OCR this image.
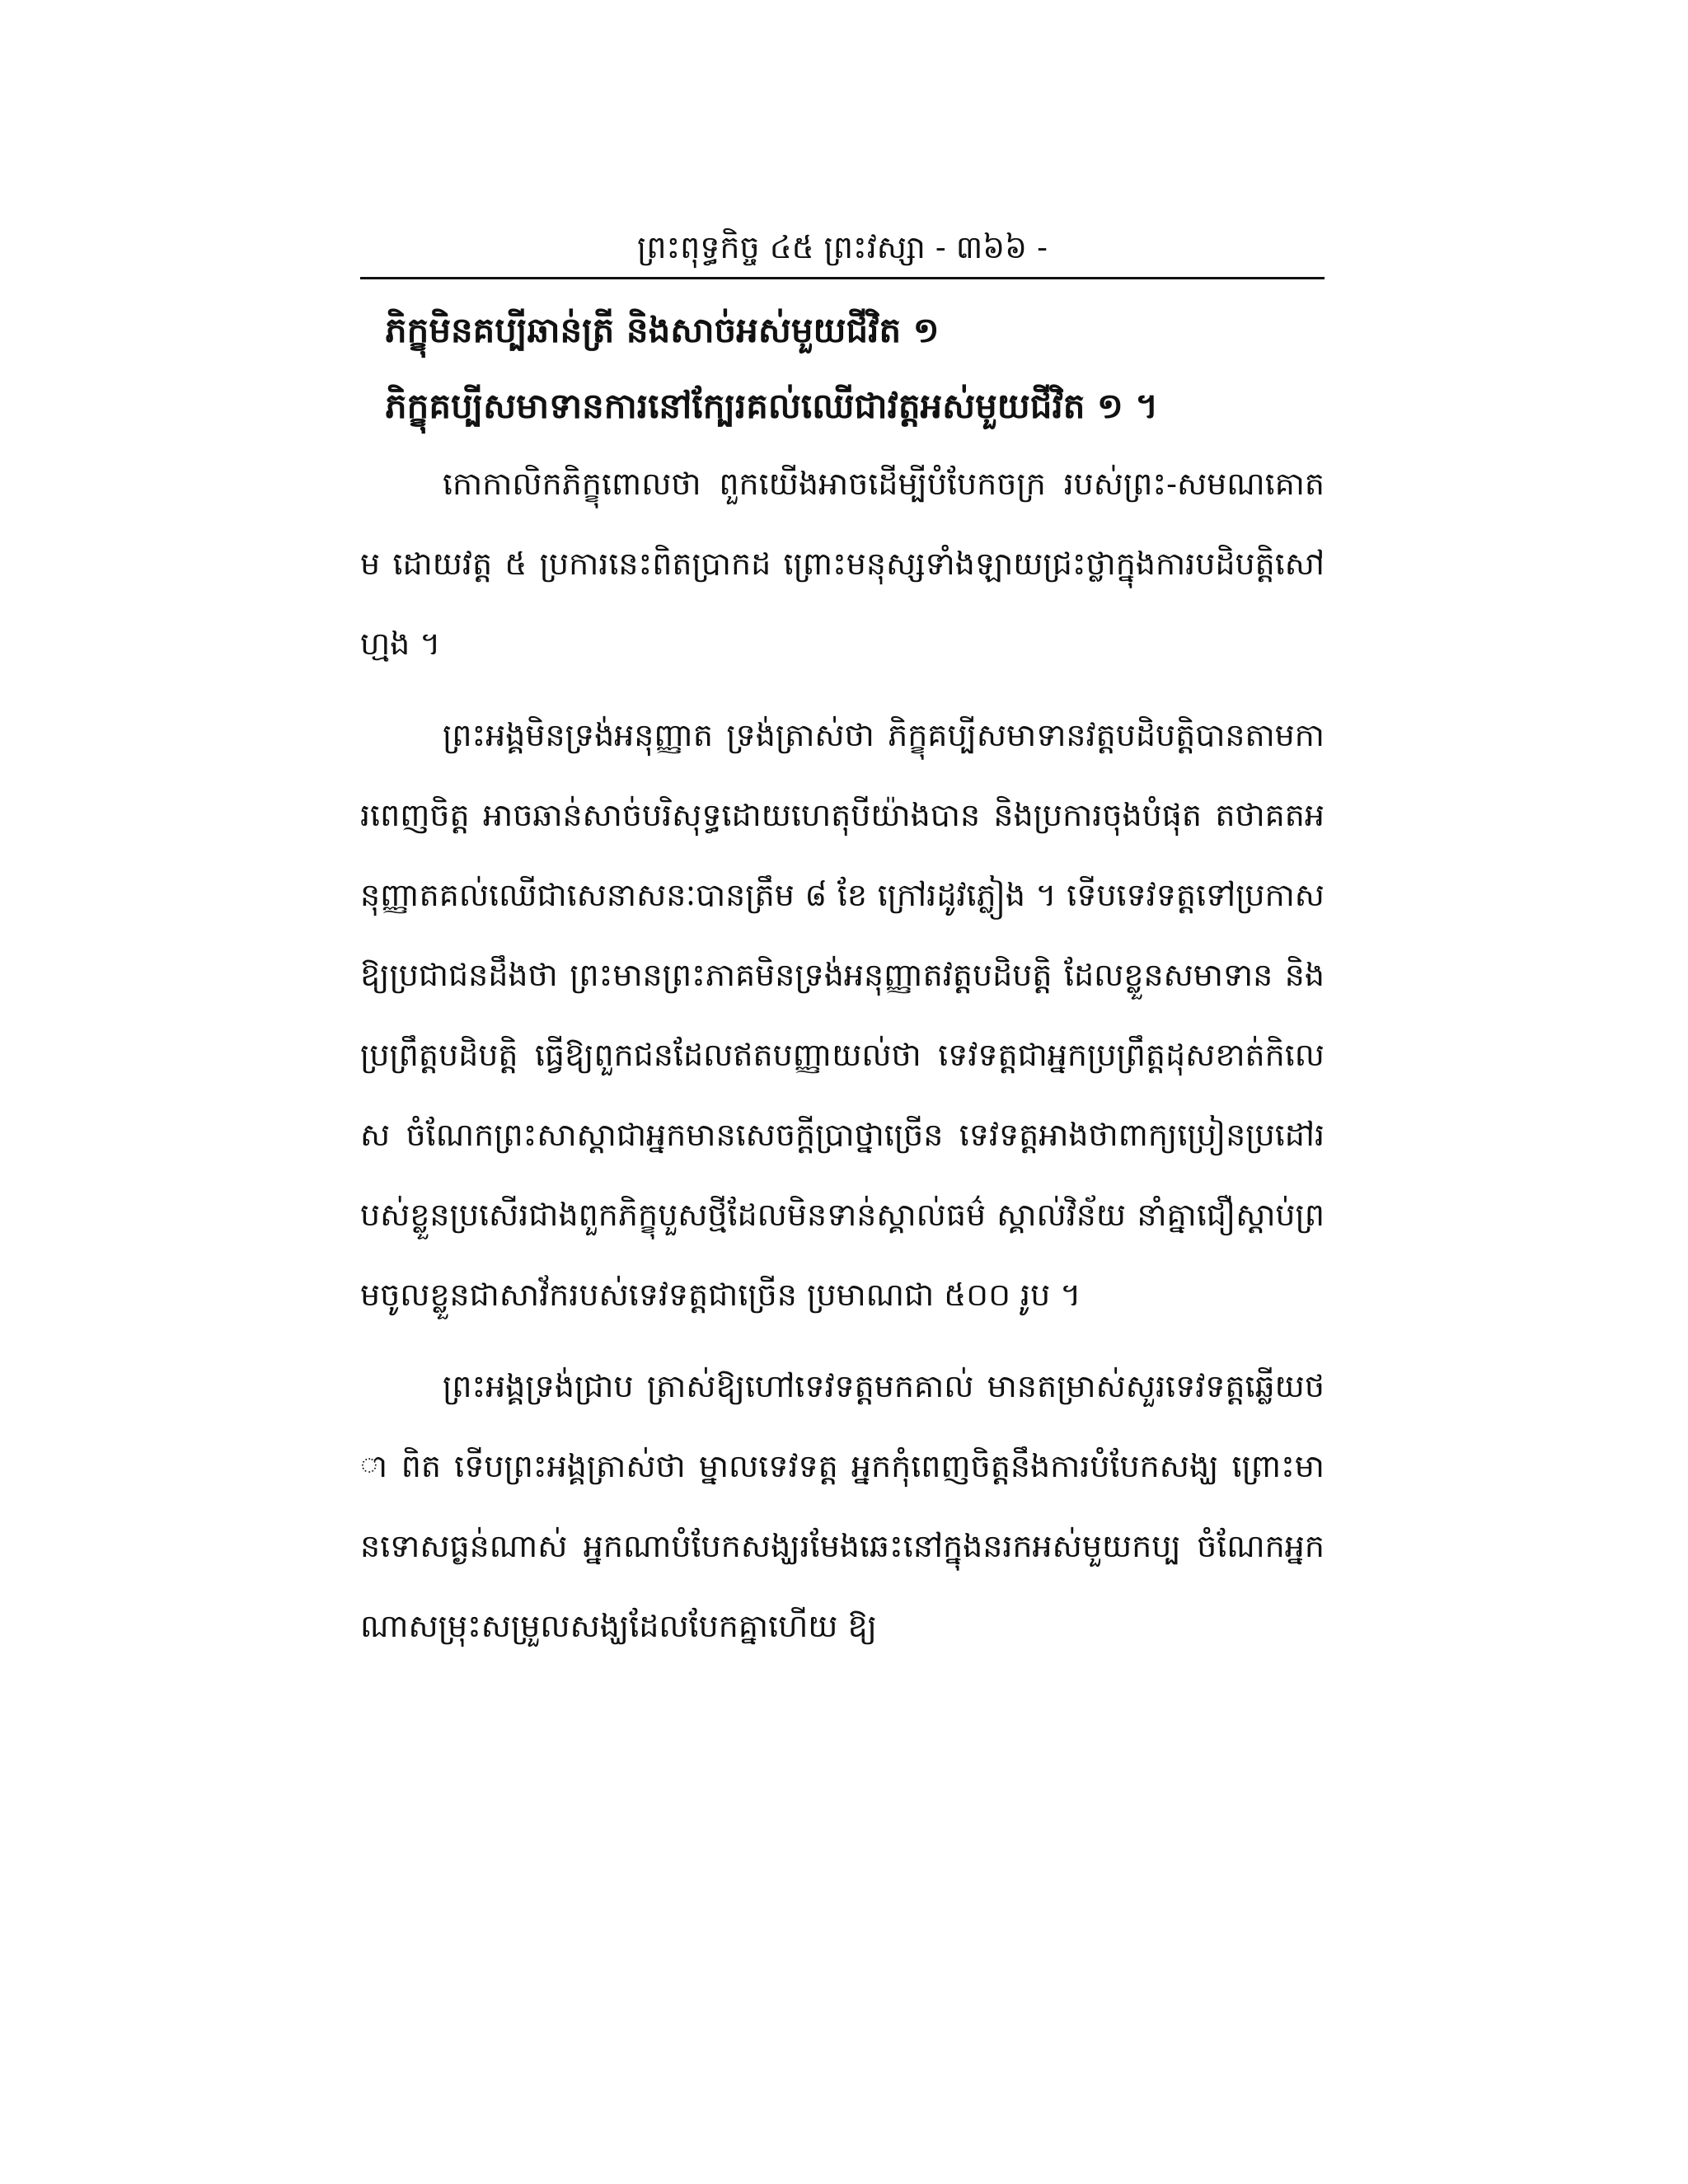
ព្រះពុទ្ធកិច្ច ៤៥ ព្រះវស្សា - ៣៦៦ -
ភិក្ខុមិនគប្បីឆាន់ត្រី និងសាច់អស់មួយជីវិត ១
ភិក្ខុគប្បីសមាទានការនៅក្បែរគល់ឈើជាវត្តអស់មួយជីវិត ១ ។

កោកាលិកភិក្ខុពោលថា ពួកយើងអាចដើម្បីបំបែកចក្រ របស់ព្រះ-សមណគោតម ដោយវត្ត ៥ ប្រការនេះពិតប្រាកដ ព្រោះមនុស្សទាំងឡាយជ្រះថ្លាក្នុងការបដិបត្តិសៅហ្មង ។

ព្រះអង្គមិនទ្រង់អនុញ្ញាត ទ្រង់ត្រាស់ថា ភិក្ខុគប្បីសមាទានវត្តបដិបត្តិបានតាមការពេញចិត្ត អាចឆាន់សាច់បរិសុទ្ធដោយហេតុបីយ៉ាងបាន និងប្រការចុងបំផុត តថាគតអនុញ្ញាតគល់ឈើជាសេនាសនៈបានត្រឹម ៨ ខែ ក្រៅរដូវភ្លៀង ។ ទើបទេវទត្តទៅប្រកាស ឱ្យប្រជាជនដឹងថា ព្រះមានព្រះភាគមិនទ្រង់អនុញ្ញាតវត្តបដិបត្តិ ដែលខ្លួនសមាទាន និងប្រព្រឹត្តបដិបត្តិ ធ្វើឱ្យពួកជនដែលឥតបញ្ញាយល់ថា ទេវទត្តជាអ្នកប្រព្រឹត្តដុសខាត់កិលេស ចំណែកព្រះសាស្តាជាអ្នកមានសេចក្តីប្រាថ្នាច្រើន ទេវទត្តអាងថាពាក្យប្រៀនប្រដៅរបស់ខ្លួនប្រសើរជាងពួកភិក្ខុបួសថ្មីដែលមិនទាន់ស្គាល់ធម៌ ស្គាល់វិន័យ នាំគ្នាជឿស្តាប់ព្រមចូលខ្លួនជាសាវ័ករបស់ទេវទត្តជាច្រើន ប្រមាណជា ៥០០ រូប ។

ព្រះអង្គទ្រង់ជ្រាប ត្រាស់ឱ្យហៅទេវទត្តមកគាល់ មានតម្រាស់សួរទេវទត្តឆ្លើយថា ពិត ទើបព្រះអង្គត្រាស់ថា ម្នាលទេវទត្ត អ្នកកុំពេញចិត្តនឹងការបំបែកសង្ឃ ព្រោះមានទោសធ្ងន់ណាស់ អ្នកណាបំបែកសង្ឃរមែងឆេះនៅក្នុងនរកអស់មួយកប្ប ចំណែកអ្នកណាសម្រុះសម្រួលសង្ឃដែលបែកគ្នាហើយ ឱ្យ
